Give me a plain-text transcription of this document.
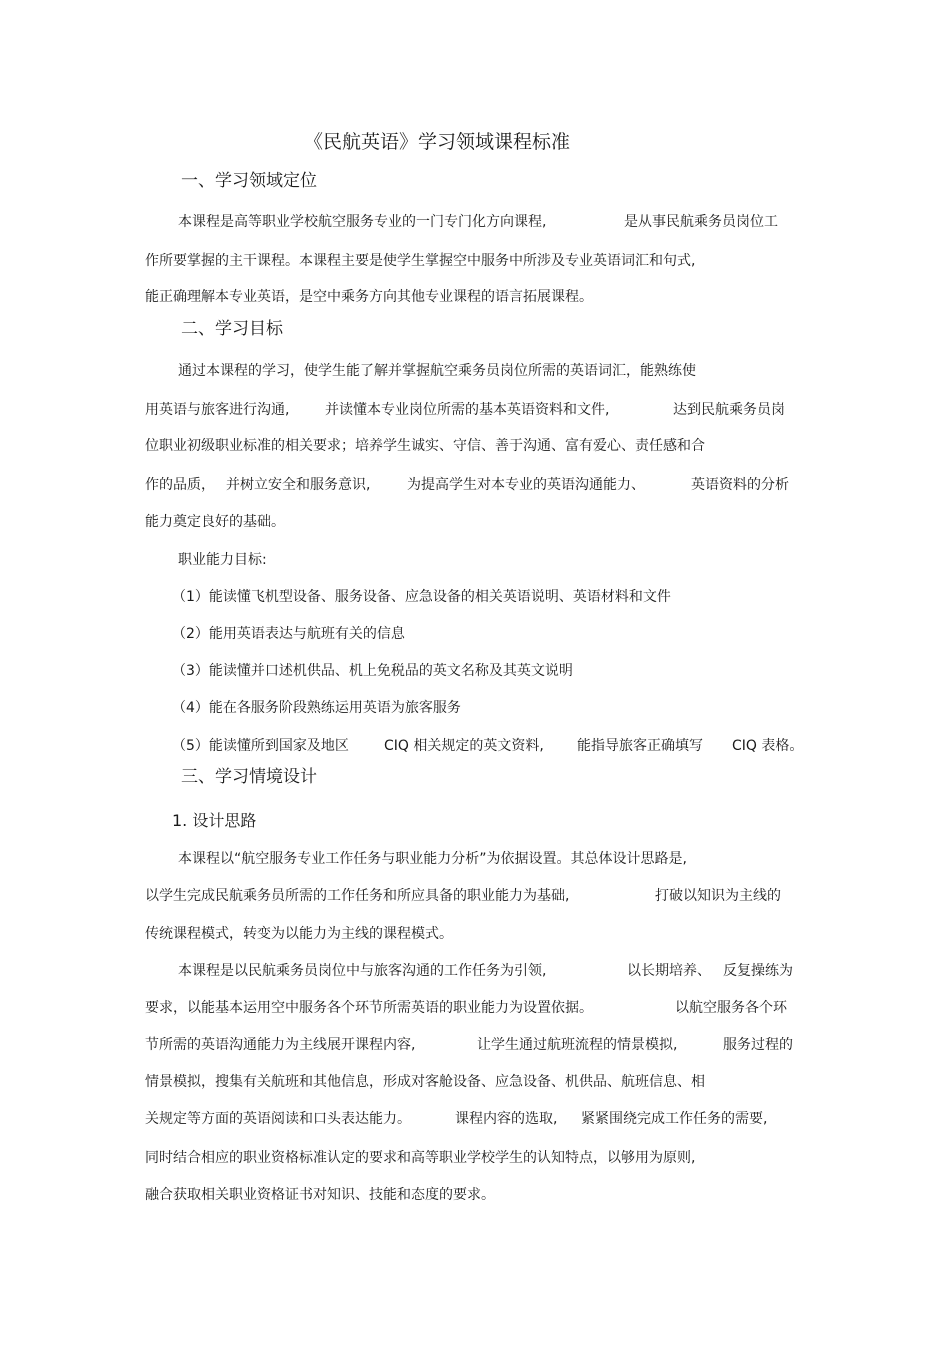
《民航英语》学习领域课程标准
一、学习领域定位
本课程是高等职业学校航空服务专业的一门专门化方向课程,	是从事民航乘务员岗位工
作所要掌握的主干课程。本课程主要是使学生掌握空中服务中所涉及专业英语词汇和句式,
能正确理解本专业英语，是空中乘务方向其他专业课程的语言拓展课程。
二、学习目标
通过本课程的学习，使学生能了解并掌握航空乘务员岗位所需的英语词汇，能熟练使
用英语与旅客进行沟通,	并读懂本专业岗位所需的基本英语资料和文件,	达到民航乘务员岗
位职业初级职业标准的相关要求；培养学生诚实、守信、善于沟通、富有爱心、责任感和合
作的品质， 并树立安全和服务意识,	为提高学生对本专业的英语沟通能力、	英语资料的分析
能力奠定良好的基础。
职业能力目标:
（1）能读懂飞机型设备、服务设备、应急设备的相关英语说明、英语材料和文件
（2）能用英语表达与航班有关的信息
（3）能读懂并口述机供品、机上免税品的英文名称及其英文说明
（4）能在各服务阶段熟练运用英语为旅客服务
（5）能读懂所到国家及地区	CIQ 相关规定的英文资料, 能指导旅客正确填写 CIQ 表格。
三、学习情境设计
1. 设计思路
本课程以“航空服务专业工作任务与职业能力分析”为依据设置。其总体设计思路是,
以学生完成民航乘务员所需的工作任务和所应具备的职业能力为基础,	打破以知识为主线的
传统课程模式，转变为以能力为主线的课程模式。
本课程是以民航乘务员岗位中与旅客沟通的工作任务为引领,	以长期培养、 反复操练为
要求，以能基本运用空中服务各个环节所需英语的职业能力为设置依据。	以航空服务各个环
节所需的英语沟通能力为主线展开课程内容,	让学生通过航班流程的情景模拟,	服务过程的
情景模拟，搜集有关航班和其他信息，形成对客舱设备、应急设备、机供品、航班信息、相
关规定等方面的英语阅读和口头表达能力。	课程内容的选取, 紧紧围绕完成工作任务的需要,
同时结合相应的职业资格标准认定的要求和高等职业学校学生的认知特点，以够用为原则,
融合获取相关职业资格证书对知识、技能和态度的要求。
